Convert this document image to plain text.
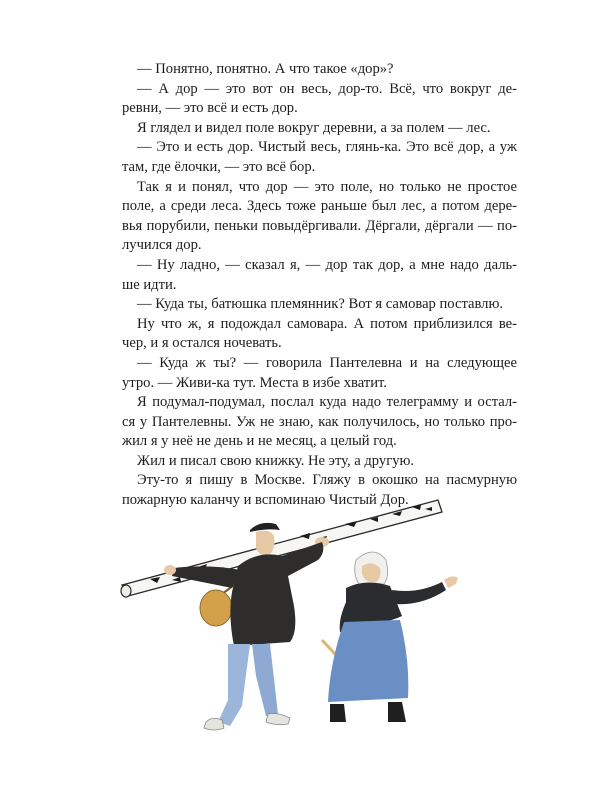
— Понятно, понятно. А что такое «дор»?
— А дор — это вот он весь, дор-то. Всё, что вокруг де-
ревни, — это всё и есть дор.
Я глядел и видел поле вокруг деревни, а за полем — лес.
— Это и есть дор. Чистый весь, глянь-ка. Это всё дор, а уж
там, где ёлочки, — это всё бор.
Так я и понял, что дор — это поле, но только не простое
поле, а среди леса. Здесь тоже раньше был лес, а потом дере-
вья порубили, пеньки повыдёргивали. Дёргали, дёргали — по-
лучился дор.
— Ну ладно, — сказал я, — дор так дор, а мне надо даль-
ше идти.
— Куда ты, батюшка племянник? Вот я самовар поставлю.
Ну что ж, я подождал самовара. А потом приблизился ве-
чер, и я остался ночевать.
— Куда ж ты? — говорила Пантелевна и на следующее
утро. — Живи-ка тут. Места в избе хватит.
Я подумал-подумал, послал куда надо телеграмму и остал-
ся у Пантелевны. Уж не знаю, как получилось, но только про-
жил я у неё не день и не месяц, а целый год.
Жил и писал свою книжку. Не эту, а другую.
Эту-то я пишу в Москве. Гляжу в окошко на пасмурную
пожарную каланчу и вспоминаю Чистый Дор.
